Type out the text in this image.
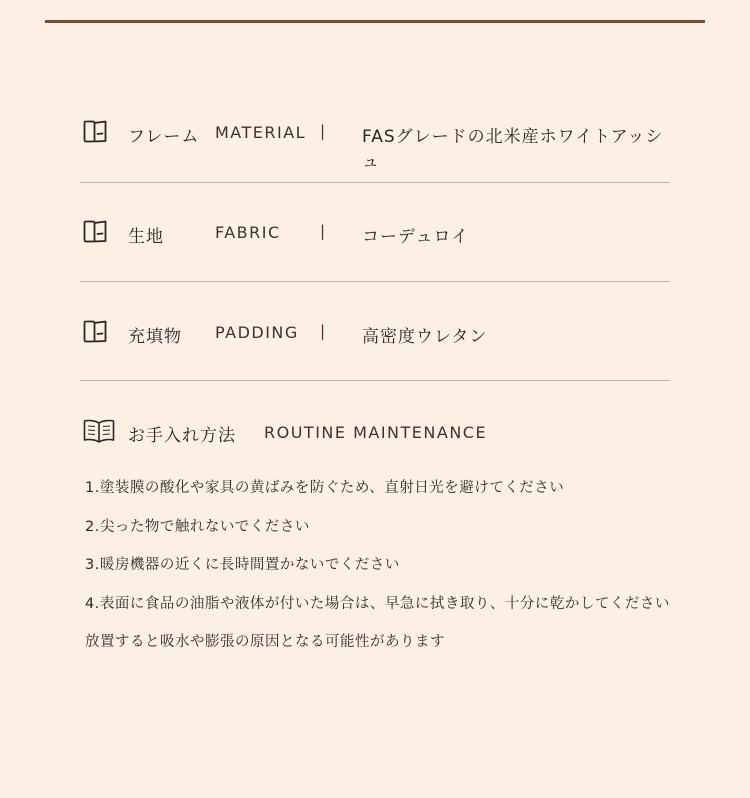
フレーム MATERIAL | FASグレードの北米産ホワイトアッシュ
生地	FABRIC	| コーデュロイ
充填物 PADDING | 高密度ウレタン
お手入れ方法 ROUTINE MAINTENANCE
1.塗装膜の酸化や家具の黄ばみを防ぐため、直射日光を避けてください
2.尖った物で触れないでください
3.暖房機器の近くに長時間置かないでください
4.表面に食品の油脂や液体が付いた場合は、早急に拭き取り、十分に乾かしてください
放置すると吸水や膨張の原因となる可能性があります
